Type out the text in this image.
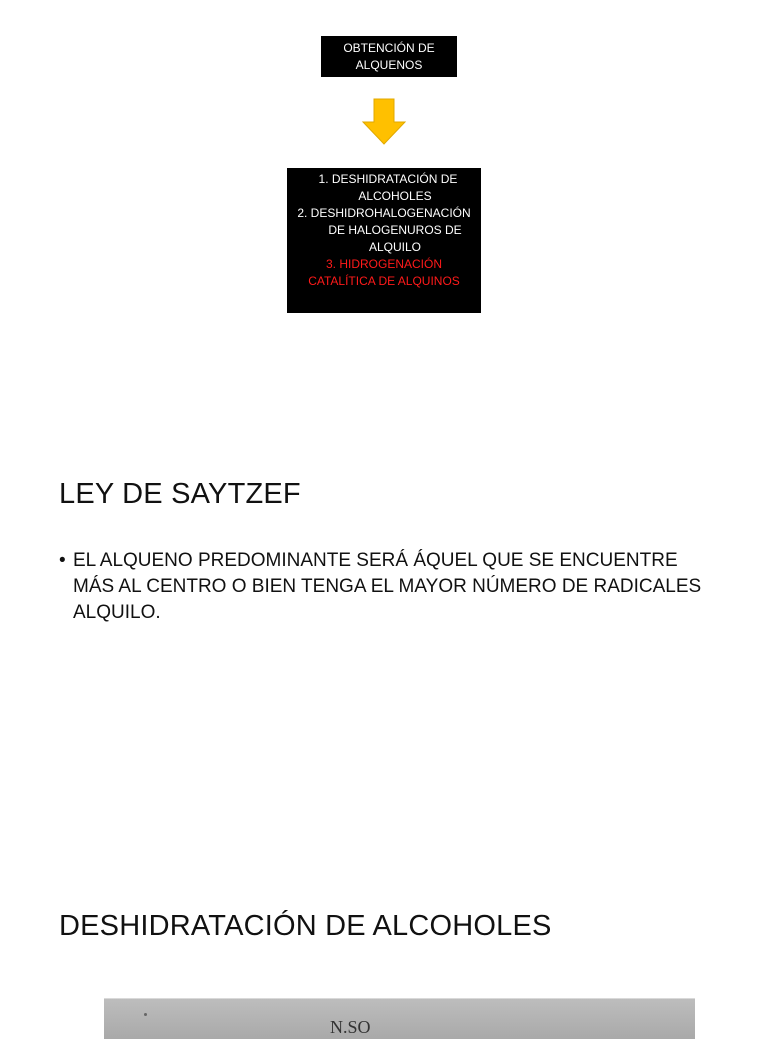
OBTENCIÓN DE
ALQUENOS
1. DESHIDRATACIÓN DE
ALCOHOLES
2. DESHIDROHALOGENACIÓN
DE HALOGENUROS DE
ALQUILO
3. HIDROGENACIÓN
CATALÍTICA DE ALQUINOS
LEY DE SAYTZEF
• EL ALQUENO PREDOMINANTE SERÁ ÁQUEL QUE SE ENCUENTRE MÁS AL CENTRO O BIEN TENGA EL MAYOR NÚMERO DE RADICALES ALQUILO.
DESHIDRATACIÓN DE ALCOHOLES
N.SO
